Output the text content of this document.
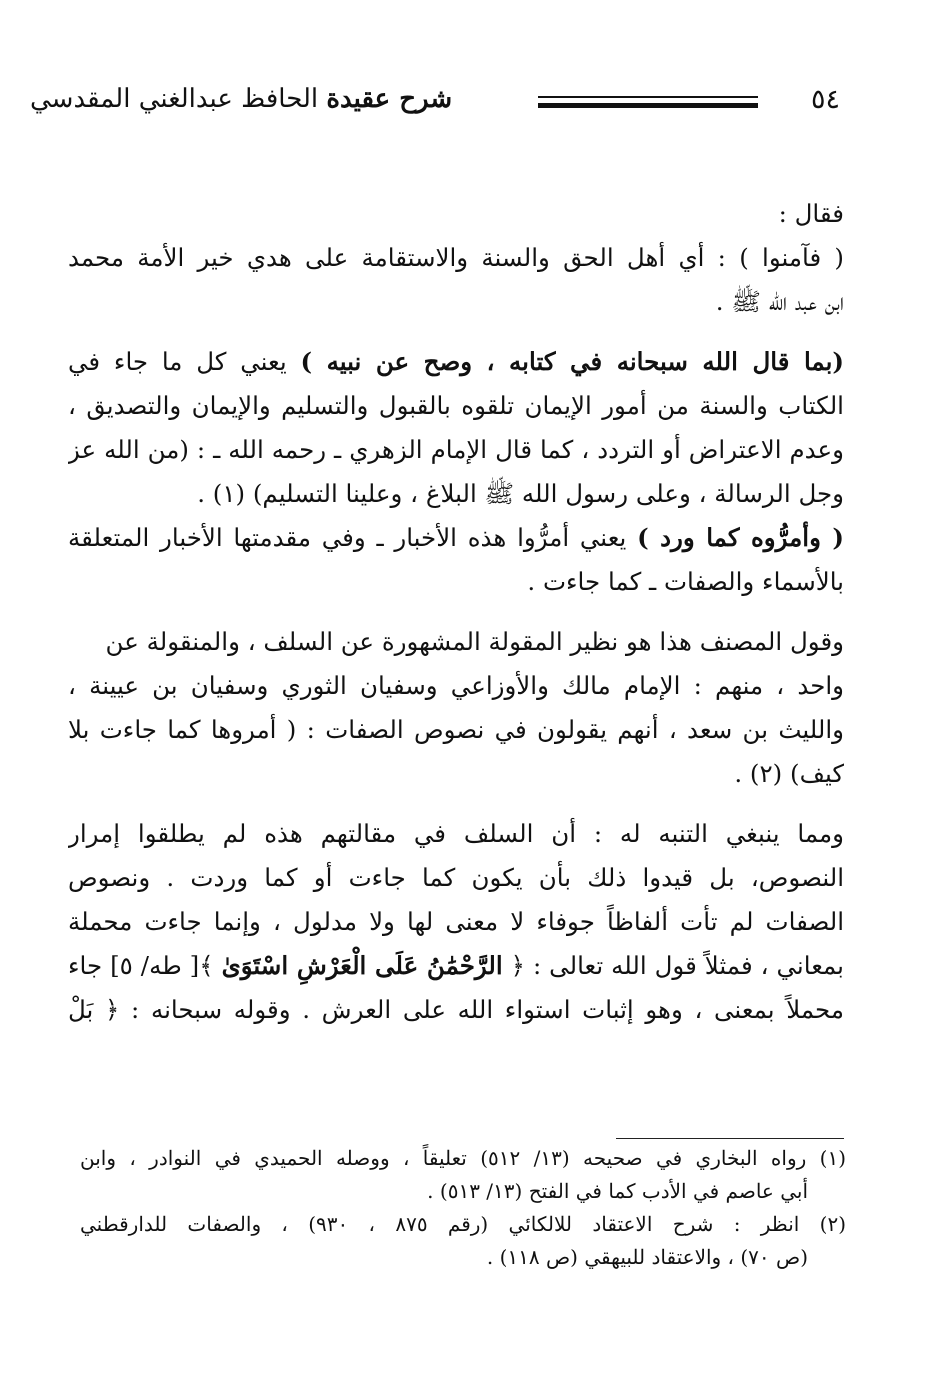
٥٤
شرح عقيدة الحافظ عبدالغني المقدسي
فقال :
( فآمنوا ) : أي أهل الحق والسنة والاستقامة على هدي خير الأمة محمد
ابن عبد الله ﷺ .
(بما قال الله سبحانه في كتابه ، وصح عن نبيه ) يعني كل ما جاء في
الكتاب والسنة من أمور الإيمان تلقوه بالقبول والتسليم والإيمان والتصديق ،
وعدم الاعتراض أو التردد ، كما قال الإمام الزهري ـ رحمه الله ـ : (من الله عز
وجل الرسالة ، وعلى رسول الله ﷺ البلاغ ، وعلينا التسليم) (١) .
( وأمرُّوه كما ورد ) يعني أمرُّوا هذه الأخبار ـ وفي مقدمتها الأخبار المتعلقة
بالأسماء والصفات ـ كما جاءت .
وقول المصنف هذا هو نظير المقولة المشهورة عن السلف ، والمنقولة عن
واحد ، منهم : الإمام مالك والأوزاعي وسفيان الثوري وسفيان بن عيينة ،
والليث بن سعد ، أنهم يقولون في نصوص الصفات : ( أمروها كما جاءت بلا
كيف) (٢) .
ومما ينبغي التنبه له : أن السلف في مقالتهم هذه لم يطلقوا إمرار
النصوص، بل قيدوا ذلك بأن يكون كما جاءت أو كما وردت . ونصوص
الصفات لم تأت ألفاظاً جوفاء لا معنى لها ولا مدلول ، وإنما جاءت محملة
بمعاني ، فمثلاً قول الله تعالى : ﴿ الرَّحْمَٰنُ عَلَى الْعَرْشِ اسْتَوَىٰ ﴾[ طه/ ٥] جاء
محملاً بمعنى ، وهو إثبات استواء الله على العرش . وقوله سبحانه : ﴿ بَلْ
(١) رواه البخاري في صحيحه (١٣/ ٥١٢) تعليقاً ، ووصله الحميدي في النوادر ، وابن
أبي عاصم في الأدب كما في الفتح (١٣/ ٥١٣) .
(٢) انظر : شرح الاعتقاد للالكائي (رقم ٨٧٥ ، ٩٣٠) ، والصفات للدارقطني
(ص ٧٠) ، والاعتقاد للبيهقي (ص ١١٨) .
